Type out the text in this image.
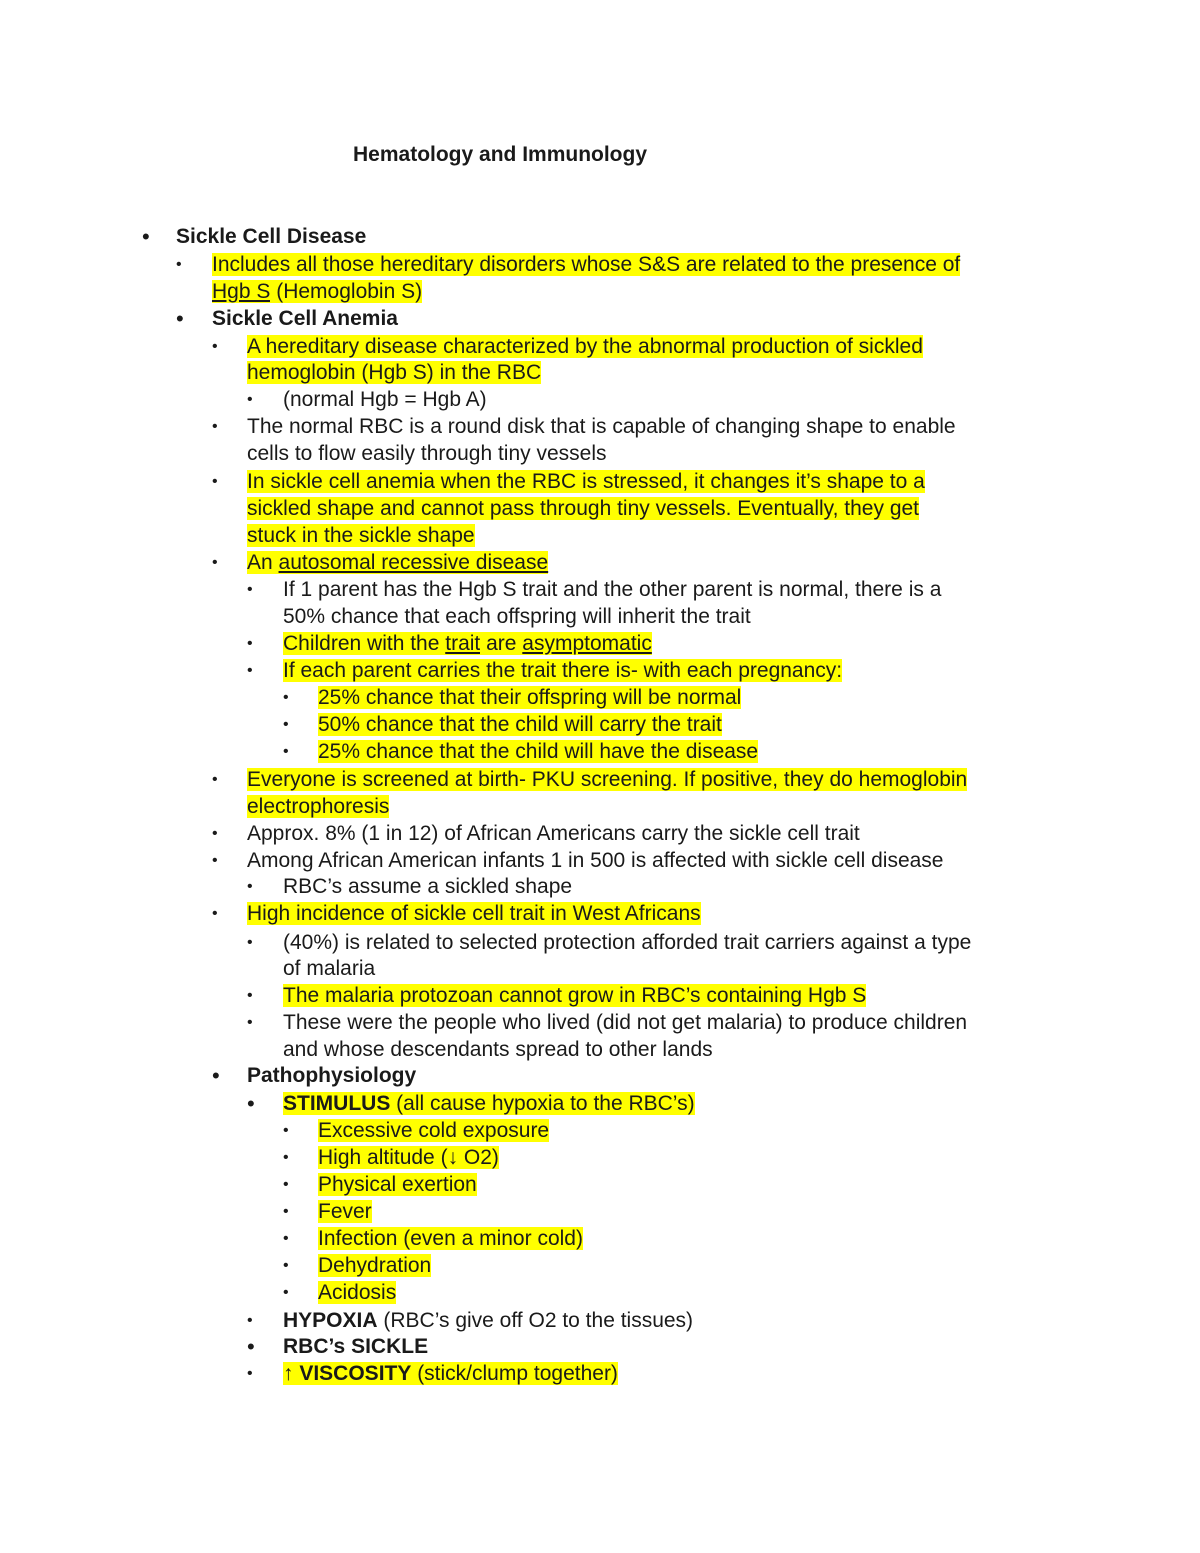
Hematology and Immunology
• Sickle Cell Disease
• Includes all those hereditary disorders whose S&S are related to the presence of
Hgb S (Hemoglobin S)
• Sickle Cell Anemia
• A hereditary disease characterized by the abnormal production of sickled
hemoglobin (Hgb S) in the RBC
• (normal Hgb = Hgb A)
• The normal RBC is a round disk that is capable of changing shape to enable
cells to flow easily through tiny vessels
• In sickle cell anemia when the RBC is stressed, it changes it’s shape to a
sickled shape and cannot pass through tiny vessels. Eventually, they get
stuck in the sickle shape
• An autosomal recessive disease
• If 1 parent has the Hgb S trait and the other parent is normal, there is a
50% chance that each offspring will inherit the trait
• Children with the trait are asymptomatic
• If each parent carries the trait there is- with each pregnancy:
• 25% chance that their offspring will be normal
• 50% chance that the child will carry the trait
• 25% chance that the child will have the disease
• Everyone is screened at birth- PKU screening. If positive, they do hemoglobin
electrophoresis
• Approx. 8% (1 in 12) of African Americans carry the sickle cell trait
• Among African American infants 1 in 500 is affected with sickle cell disease
• RBC’s assume a sickled shape
• High incidence of sickle cell trait in West Africans
• (40%) is related to selected protection afforded trait carriers against a type
of malaria
• The malaria protozoan cannot grow in RBC’s containing Hgb S
• These were the people who lived (did not get malaria) to produce children
and whose descendants spread to other lands
• Pathophysiology
• STIMULUS (all cause hypoxia to the RBC’s)
• Excessive cold exposure
• High altitude (↓ O2)
• Physical exertion
• Fever
• Infection (even a minor cold)
• Dehydration
• Acidosis
• HYPOXIA (RBC’s give off O2 to the tissues)
• RBC’s SICKLE
• ↑ VISCOSITY (stick/clump together)
